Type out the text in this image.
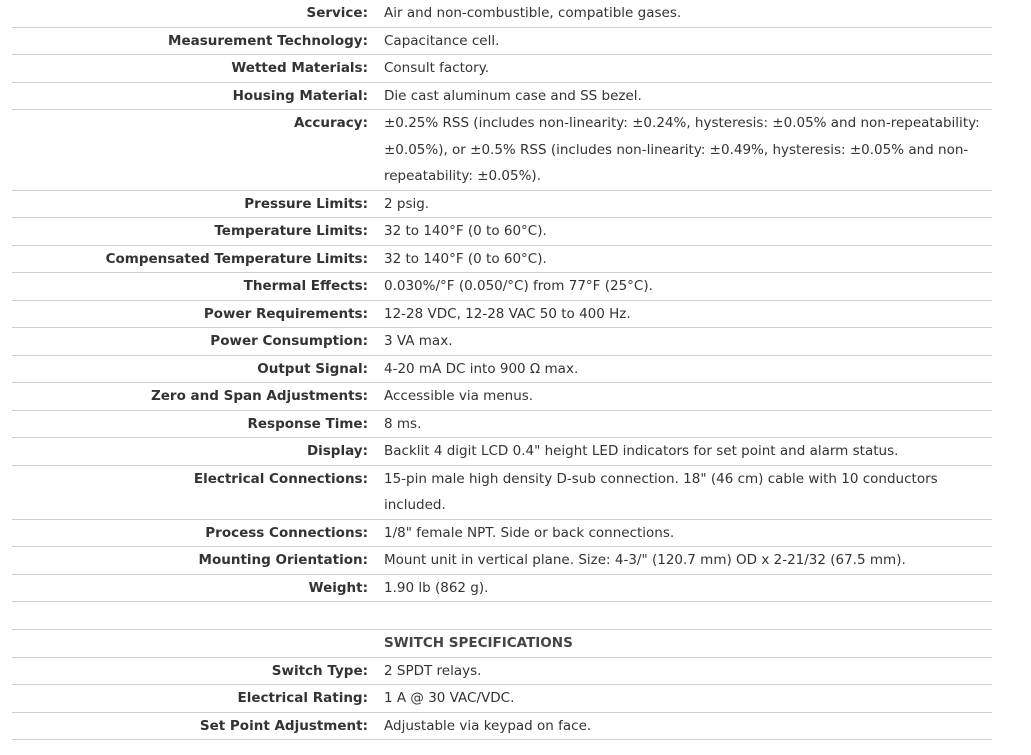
Service:		Air and non-combustible, compatible gases.
Measurement Technology:		Capacitance cell.
Wetted Materials:		Consult factory.
Housing Material:		Die cast aluminum case and SS bezel.
Accuracy:		±0.25% RSS (includes non-linearity: ±0.24%, hysteresis: ±0.05% and non-repeatability: ±0.05%), or ±0.5% RSS (includes non-linearity: ±0.49%, hysteresis: ±0.05% and non-repeatability: ±0.05%).
Pressure Limits:		2 psig.
Temperature Limits:		32 to 140°F (0 to 60°C).
Compensated Temperature Limits:		32 to 140°F (0 to 60°C).
Thermal Effects:		0.030%/°F (0.050/°C) from 77°F (25°C).
Power Requirements:		12-28 VDC, 12-28 VAC 50 to 400 Hz.
Power Consumption:		3 VA max.
Output Signal:		4-20 mA DC into 900 Ω max.
Zero and Span Adjustments:		Accessible via menus.
Response Time:		8 ms.
Display:		Backlit 4 digit LCD 0.4" height LED indicators for set point and alarm status.
Electrical Connections:		15-pin male high density D-sub connection. 18" (46 cm) cable with 10 conductors included.
Process Connections:		1/8" female NPT. Side or back connections.
Mounting Orientation:		Mount unit in vertical plane. Size: 4-3/" (120.7 mm) OD x 2-21/32 (67.5 mm).
Weight:		1.90 lb (862 g).

		SWITCH SPECIFICATIONS
Switch Type:		2 SPDT relays.
Electrical Rating:		1 A @ 30 VAC/VDC.
Set Point Adjustment:		Adjustable via keypad on face.
